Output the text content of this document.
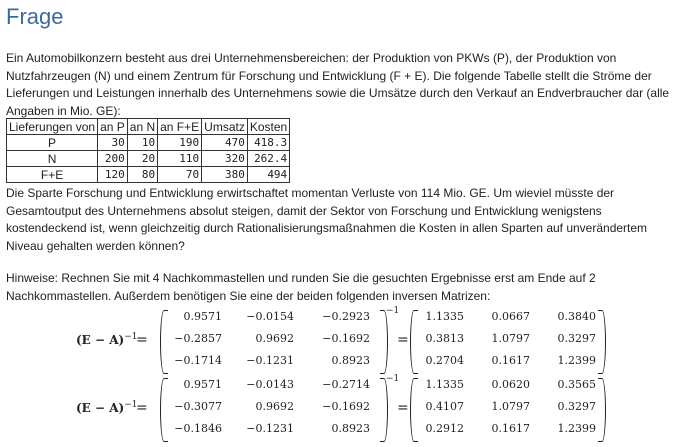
Frage
Ein Automobilkonzern besteht aus drei Unternehmensbereichen: der Produktion von PKWs (P), der Produktion von Nutzfahrzeugen (N) und einem Zentrum für Forschung und Entwicklung (F + E). Die folgende Tabelle stellt die Ströme der Lieferungen und Leistungen innerhalb des Unternehmens sowie die Umsätze durch den Verkauf an Endverbraucher dar (alle Angaben in Mio. GE):
Lieferungen von	an P	an N	an F+E	Umsatz	Kosten
P	30	10	190	470	418.3
N	200	20	110	320	262.4
F+E	120	80	70	380	494
Die Sparte Forschung und Entwicklung erwirtschaftet momentan Verluste von 114 Mio. GE. Um wieviel müsste der Gesamtoutput des Unternehmens absolut steigen, damit der Sektor von Forschung und Entwicklung wenigstens kostendeckend ist, wenn gleichzeitig durch Rationalisierungsmaßnahmen die Kosten in allen Sparten auf unverändertem Niveau gehalten werden können?
Hinweise: Rechnen Sie mit 4 Nachkommastellen und runden Sie die gesuchten Ergebnisse erst am Ende auf 2 Nachkommastellen. Außerdem benötigen Sie eine der beiden folgenden inversen Matrizen:
$(E - A)^{-1}$
=
−1
0.9571	−0.0154	−0.2923
−0.2857	0.9692	−0.1692
−0.1714	−0.1231	0.8923
=
1.1335	0.0667	0.3840
0.3813	1.0797	0.3297
0.2704	0.1617	1.2399
$(E - A)^{-1}$
=
−1
0.9571	−0.0143	−0.2714
−0.3077	0.9692	−0.1692
−0.1846	−0.1231	0.8923
=
1.1335	0.0620	0.3565
0.4107	1.0797	0.3297
0.2912	0.1617	1.2399
